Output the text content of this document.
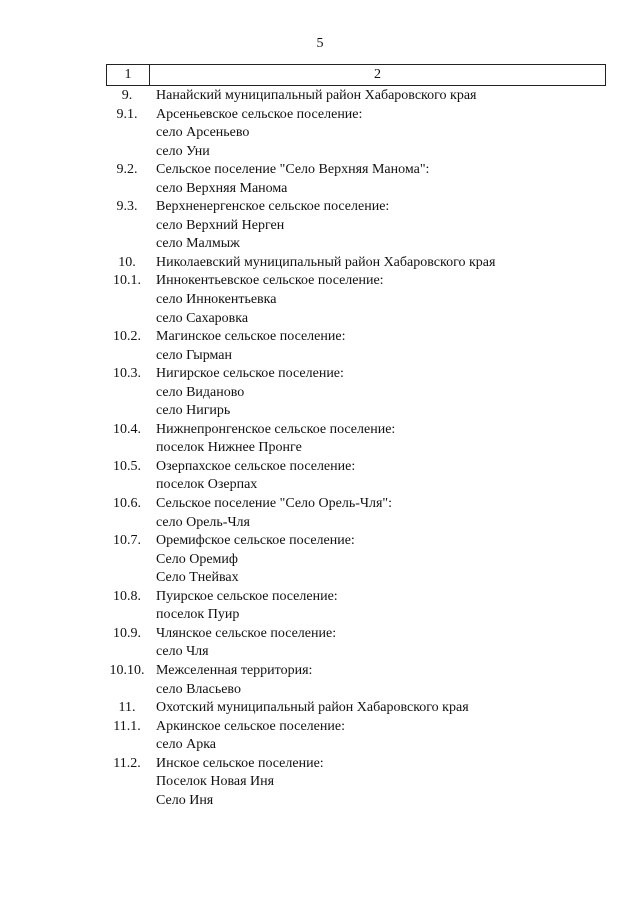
5
1	2
9.	Нанайский муниципальный район Хабаровского края
9.1.	Арсеньевское сельское поселение:
село Арсеньево
село Уни
9.2.	Сельское поселение "Село Верхняя Манома":
село Верхняя Манома
9.3.	Верхненергенское сельское поселение:
село Верхний Нерген
село Малмыж
10.	Николаевский муниципальный район Хабаровского края
10.1.	Иннокентьевское сельское поселение:
село Иннокентьевка
село Сахаровка
10.2.	Магинское сельское поселение:
село Гырман
10.3.	Нигирское сельское поселение:
село Виданово
село Нигирь
10.4.	Нижнепронгенское сельское поселение:
поселок Нижнее Пронге
10.5.	Озерпахское сельское поселение:
поселок Озерпах
10.6.	Сельское поселение "Село Орель-Чля":
село Орель-Чля
10.7.	Оремифское сельское поселение:
Село Оремиф
Село Тнейвах
10.8.	Пуирское сельское поселение:
поселок Пуир
10.9.	Члянское сельское поселение:
село Чля
10.10. Межселенная территория:
село Власьево
11.	Охотский муниципальный район Хабаровского края
11.1.	Аркинское сельское поселение:
село Арка
11.2.	Инское сельское поселение:
Поселок Новая Иня
Село Иня
